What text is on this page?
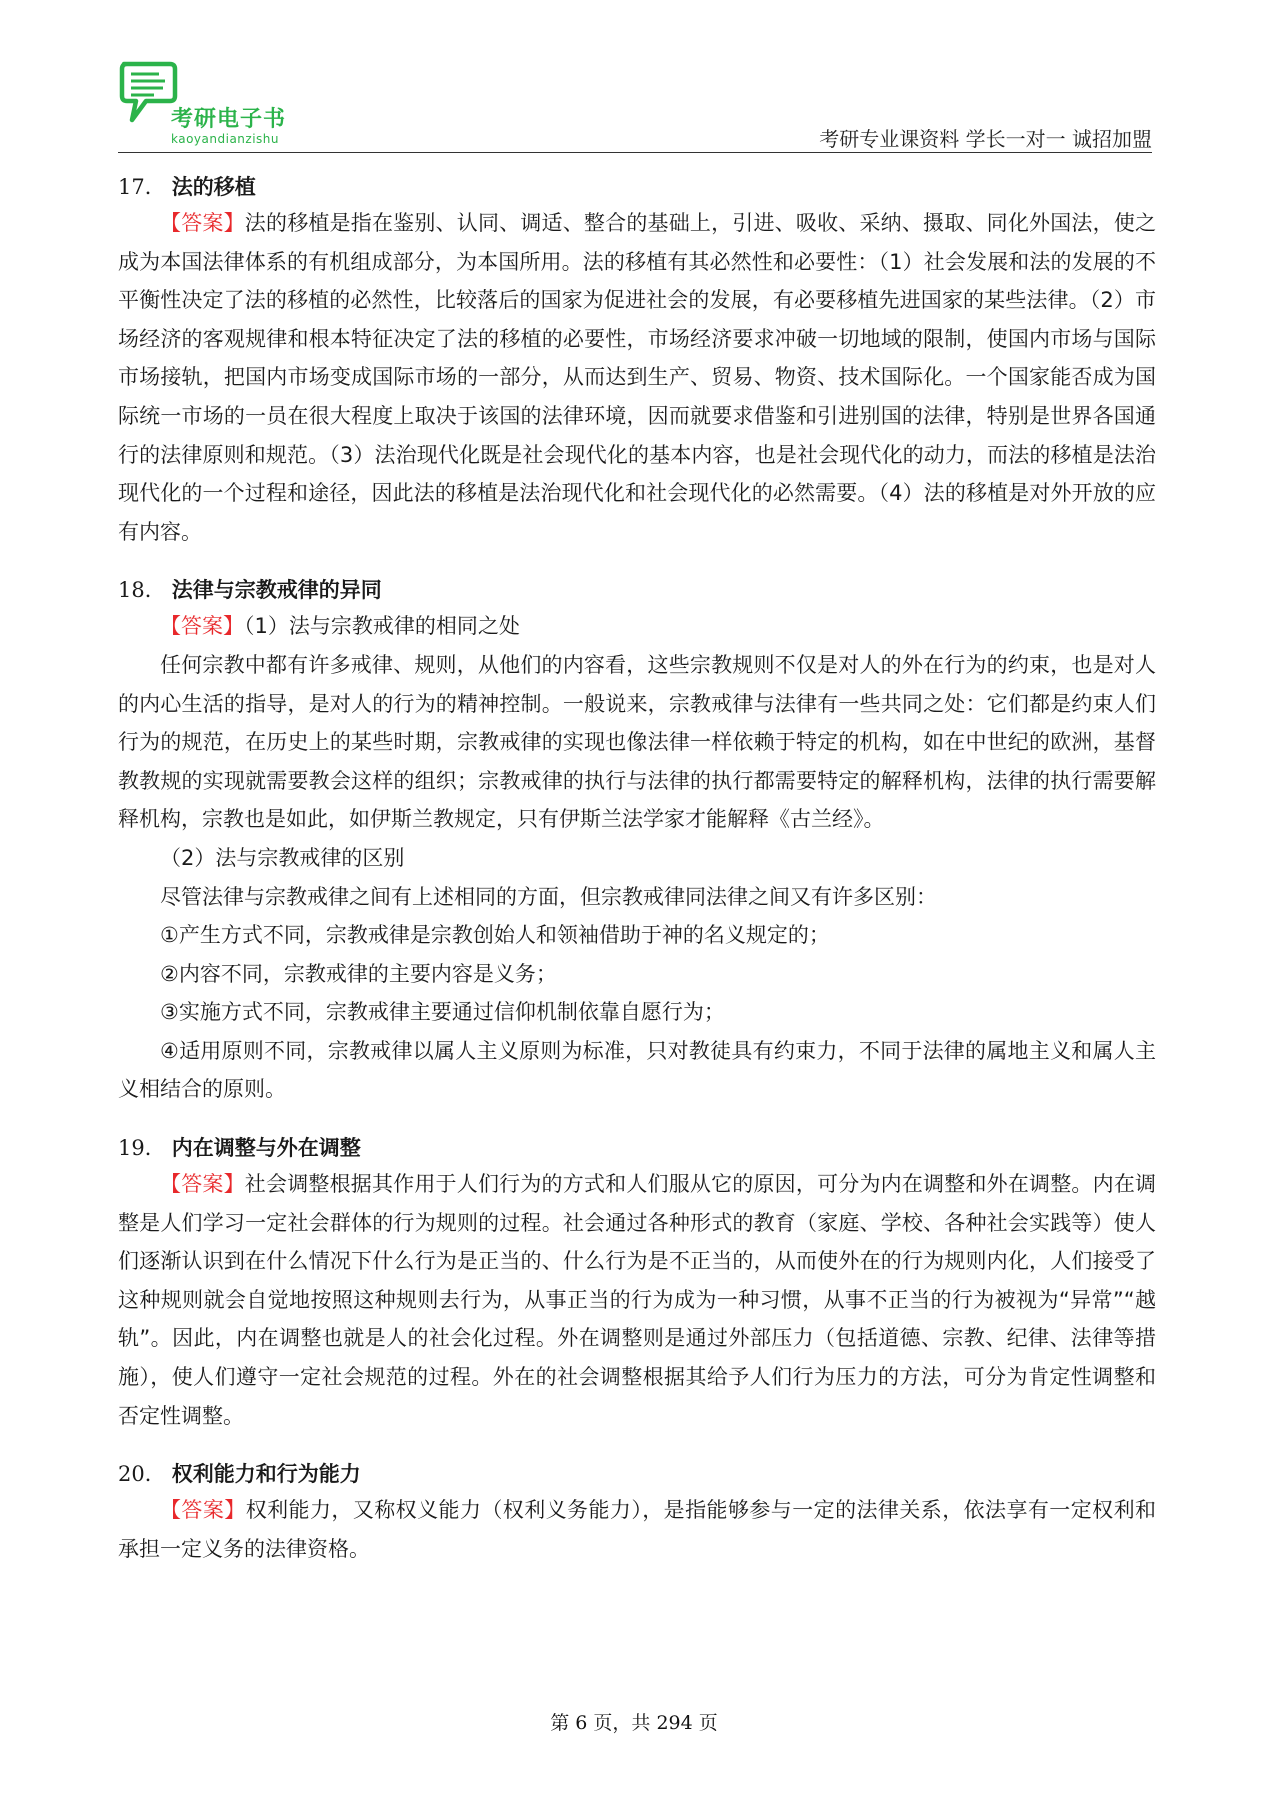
考研电子书
kaoyandianzishu	考研专业课资料 学长一对一 诚招加盟
17． 法的移植

【答案】法的移植是指在鉴别、认同、调适、整合的基础上，引进、吸收、采纳、摄取、同化外国法，使之成为本国法律体系的有机组成部分，为本国所用。法的移植有其必然性和必要性：（1）社会发展和法的发展的不平衡性决定了法的移植的必然性，比较落后的国家为促进社会的发展，有必要移植先进国家的某些法律。（2）市场经济的客观规律和根本特征决定了法的移植的必要性，市场经济要求冲破一切地域的限制，使国内市场与国际市场接轨，把国内市场变成国际市场的一部分，从而达到生产、贸易、物资、技术国际化。一个国家能否成为国际统一市场的一员在很大程度上取决于该国的法律环境，因而就要求借鉴和引进别国的法律，特别是世界各国通行的法律原则和规范。（3）法治现代化既是社会现代化的基本内容，也是社会现代化的动力，而法的移植是法治现代化的一个过程和途径，因此法的移植是法治现代化和社会现代化的必然需要。（4）法的移植是对外开放的应有内容。

18． 法律与宗教戒律的异同

【答案】（1）法与宗教戒律的相同之处

任何宗教中都有许多戒律、规则，从他们的内容看，这些宗教规则不仅是对人的外在行为的约束，也是对人的内心生活的指导，是对人的行为的精神控制。一般说来，宗教戒律与法律有一些共同之处：它们都是约束人们行为的规范，在历史上的某些时期，宗教戒律的实现也像法律一样依赖于特定的机构，如在中世纪的欧洲，基督教教规的实现就需要教会这样的组织；宗教戒律的执行与法律的执行都需要特定的解释机构，法律的执行需要解释机构，宗教也是如此，如伊斯兰教规定，只有伊斯兰法学家才能解释《古兰经》。

（2）法与宗教戒律的区别

尽管法律与宗教戒律之间有上述相同的方面，但宗教戒律同法律之间又有许多区别：

①产生方式不同，宗教戒律是宗教创始人和领袖借助于神的名义规定的；

②内容不同，宗教戒律的主要内容是义务；

③实施方式不同，宗教戒律主要通过信仰机制依靠自愿行为；

④适用原则不同，宗教戒律以属人主义原则为标准，只对教徒具有约束力，不同于法律的属地主义和属人主义相结合的原则。

19． 内在调整与外在调整

【答案】社会调整根据其作用于人们行为的方式和人们服从它的原因，可分为内在调整和外在调整。内在调整是人们学习一定社会群体的行为规则的过程。社会通过各种形式的教育（家庭、学校、各种社会实践等）使人们逐渐认识到在什么情况下什么行为是正当的、什么行为是不正当的，从而使外在的行为规则内化，人们接受了这种规则就会自觉地按照这种规则去行为，从事正当的行为成为一种习惯，从事不正当的行为被视为“异常”“越轨”。因此，内在调整也就是人的社会化过程。外在调整则是通过外部压力（包括道德、宗教、纪律、法律等措施），使人们遵守一定社会规范的过程。外在的社会调整根据其给予人们行为压力的方法，可分为肯定性调整和否定性调整。

20． 权利能力和行为能力

【答案】权利能力，又称权义能力（权利义务能力），是指能够参与一定的法律关系，依法享有一定权利和承担一定义务的法律资格。

第 6 页，共 294 页
